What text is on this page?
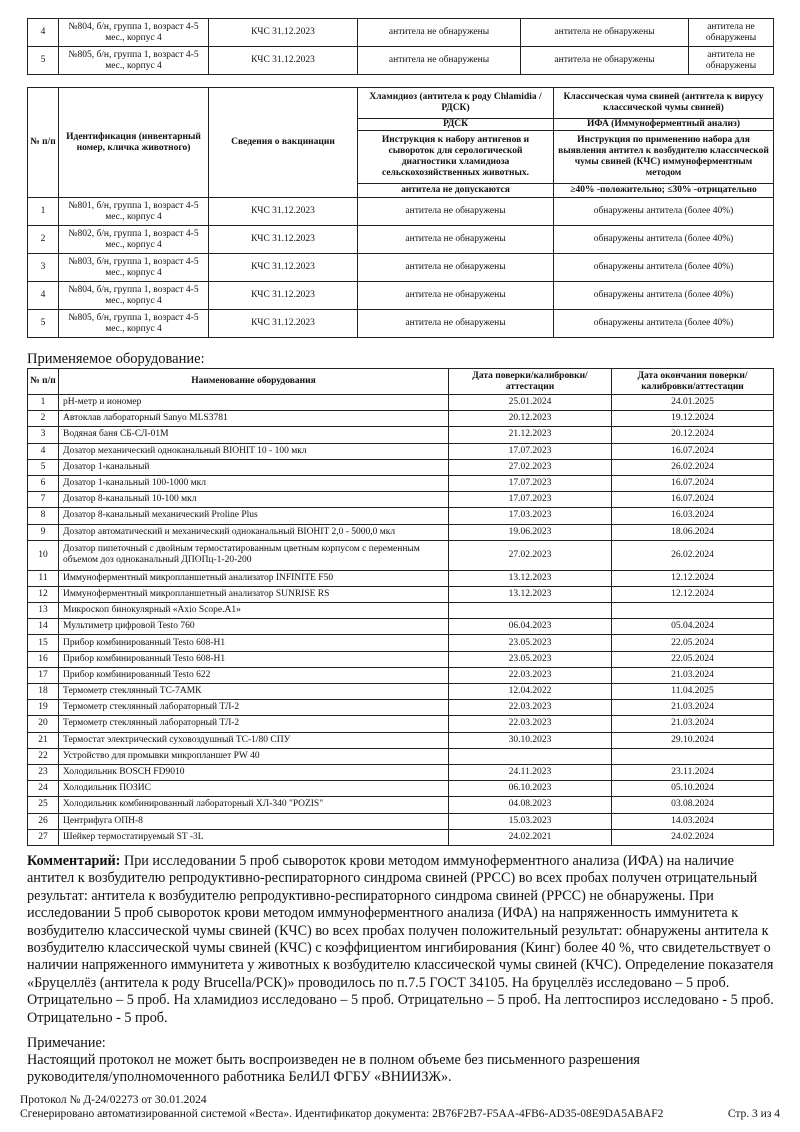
4	№804, б/н, группа 1, возраст 4-5 мес., корпус 4	КЧС 31.12.2023	антитела не обнаружены	антитела не обнаружены	антитела не обнаружены
5	№805, б/н, группа 1, возраст 4-5 мес., корпус 4	КЧС 31.12.2023	антитела не обнаружены	антитела не обнаружены	антитела не обнаружены
№ п/п	Идентификация (инвентарный номер, кличка животного)	Сведения о вакцинации	Хламидиоз (антитела к роду Chlamidia / РДСК)	Классическая чума свиней (антитела к вирусу классической чумы свиней)
			РДСК	ИФА (Иммуноферментный анализ)
			Инструкция к набору антигенов и сывороток для серологической диагностики хламидиоза сельскохозяйственных животных.	Инструкция по применению набора для выявления антител к возбудителю классической чумы свиней (КЧС) иммуноферментным методом
			антитела не допускаются	≥40% -положительно; ≤30% -отрицательно
1	№801, б/н, группа 1, возраст 4-5 мес., корпус 4	КЧС 31.12.2023	антитела не обнаружены	обнаружены антитела (более 40%)
2	№802, б/н, группа 1, возраст 4-5 мес., корпус 4	КЧС 31.12.2023	антитела не обнаружены	обнаружены антитела (более 40%)
3	№803, б/н, группа 1, возраст 4-5 мес., корпус 4	КЧС 31.12.2023	антитела не обнаружены	обнаружены антитела (более 40%)
4	№804, б/н, группа 1, возраст 4-5 мес., корпус 4	КЧС 31.12.2023	антитела не обнаружены	обнаружены антитела (более 40%)
5	№805, б/н, группа 1, возраст 4-5 мес., корпус 4	КЧС 31.12.2023	антитела не обнаружены	обнаружены антитела (более 40%)
Применяемое оборудование:
№ п/п	Наименование оборудования	Дата поверки/калибровки/аттестации	Дата окончания поверки/калибровки/аттестации
1	pH-метр и иономер	25.01.2024	24.01.2025
2	Автоклав лабораторный Sanyo MLS3781	20.12.2023	19.12.2024
3	Водяная баня СБ-СЛ-01М	21.12.2023	20.12.2024
4	Дозатор механический одноканальный BIOHIT 10 - 100 мкл	17.07.2023	16.07.2024
5	Дозатор 1-канальный	27.02.2023	26.02.2024
6	Дозатор 1-канальный 100-1000 мкл	17.07.2023	16.07.2024
7	Дозатор 8-канальный 10-100 мкл	17.07.2023	16.07.2024
8	Дозатор 8-канальный механический Proline Plus	17.03.2023	16.03.2024
9	Дозатор автоматический и механический одноканальный BIOHIT 2,0 - 5000,0 мкл	19.06.2023	18.06.2024
10	Дозатор пипеточный с двойным термостатированным цветным корпусом с переменным объемом доз одноканальный ДПОПц-1-20-200	27.02.2023	26.02.2024
11	Иммуноферментный микропланшетный анализатор INFINITE F50	13.12.2023	12.12.2024
12	Иммуноферментный микропланшетный анализатор SUNRISE RS	13.12.2023	12.12.2024
13	Микроскоп бинокулярный «Axio Scope.A1»		
14	Мультиметр цифровой Testo 760	06.04.2023	05.04.2024
15	Прибор комбинированный Testo 608-H1	23.05.2023	22.05.2024
16	Прибор комбинированный Testo 608-H1	23.05.2023	22.05.2024
17	Прибор комбинированный Testo 622	22.03.2023	21.03.2024
18	Термометр стеклянный ТС-7АМК	12.04.2022	11.04.2025
19	Термометр стеклянный лабораторный ТЛ-2	22.03.2023	21.03.2024
20	Термометр стеклянный лабораторный ТЛ-2	22.03.2023	21.03.2024
21	Термостат электрический суховоздушный ТС-1/80 СПУ	30.10.2023	29.10.2024
22	Устройство для промывки микропланшет PW 40		
23	Холодильник BOSCH FD9010	24.11.2023	23.11.2024
24	Холодильник ПОЗИС	06.10.2023	05.10.2024
25	Холодильник комбинированный лабораторный ХЛ-340 "POZIS"	04.08.2023	03.08.2024
26	Центрифуга ОПН-8	15.03.2023	14.03.2024
27	Шейкер термостатируемый ST -3L	24.02.2021	24.02.2024
Комментарий: При исследовании 5 проб сывороток крови методом иммуноферментного анализа (ИФА) на наличие антител к возбудителю репродуктивно-респираторного синдрома свиней (РРСС) во всех пробах получен отрицательный результат: антитела к возбудителю репродуктивно-респираторного синдрома свиней (РРСС) не обнаружены. При исследовании 5 проб сывороток крови методом иммуноферментного анализа (ИФА) на напряженность иммунитета к возбудителю классической чумы свиней (КЧС) во всех пробах получен положительный результат: обнаружены антитела к возбудителю классической чумы свиней (КЧС) с коэффициентом ингибирования (Кинг) более 40 %, что свидетельствует о наличии напряженного иммунитета у животных к возбудителю классической чумы свиней (КЧС). Определение показателя «Бруцеллёз (антитела к роду Brucella/РСК)» проводилось по п.7.5 ГОСТ 34105. На бруцеллёз исследовано – 5 проб. Отрицательно – 5 проб. На хламидиоз исследовано – 5 проб. Отрицательно – 5 проб. На лептоспироз исследовано - 5 проб. Отрицательно - 5 проб.
Примечание:
Настоящий протокол не может быть воспроизведен не в полном объеме без письменного разрешения руководителя/уполномоченного работника БелИЛ ФГБУ «ВНИИЗЖ».
Протокол № Д-24/02273 от 30.01.2024
Сгенерировано автоматизированной системой «Веста». Идентификатор документа: 2B76F2B7-F5AA-4FB6-AD35-08E9DA5ABAF2	Стр. 3 из 4
